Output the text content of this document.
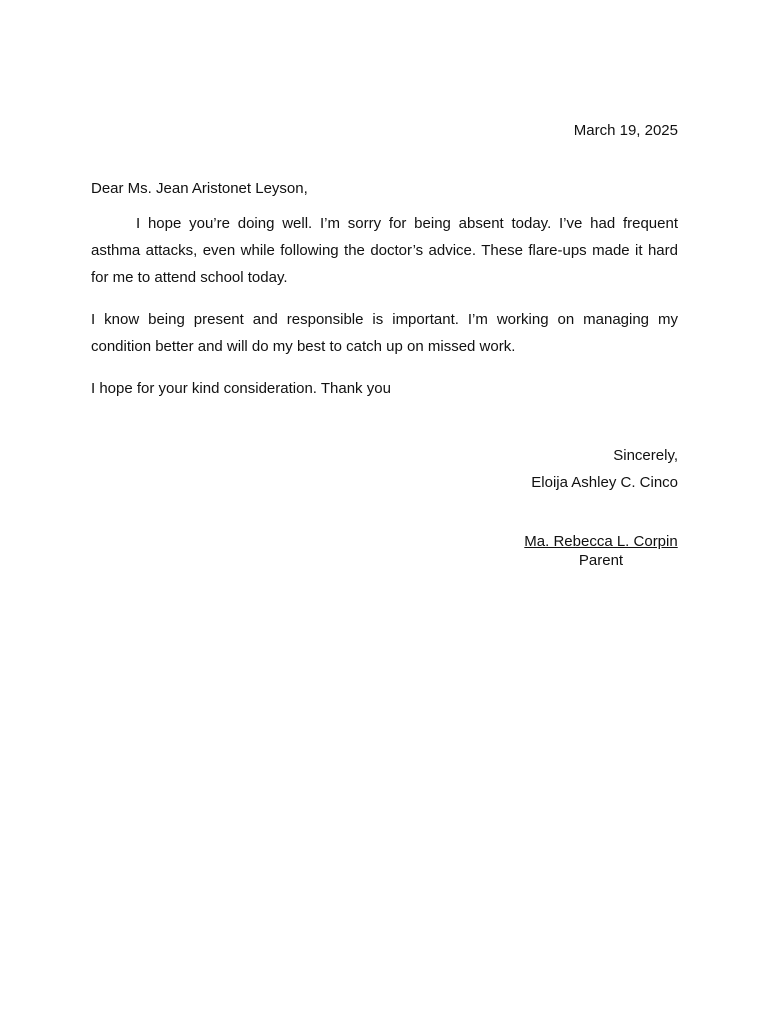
March 19, 2025
Dear Ms. Jean Aristonet Leyson,

I hope you’re doing well. I’m sorry for being absent today. I’ve had frequent asthma attacks, even while following the doctor’s advice. These flare-ups made it hard for me to attend school today.

I know being present and responsible is important. I’m working on managing my condition better and will do my best to catch up on missed work.

I hope for your kind consideration. Thank you

Sincerely,
Eloija Ashley C. Cinco
Ma. Rebecca L. Corpin
Parent
